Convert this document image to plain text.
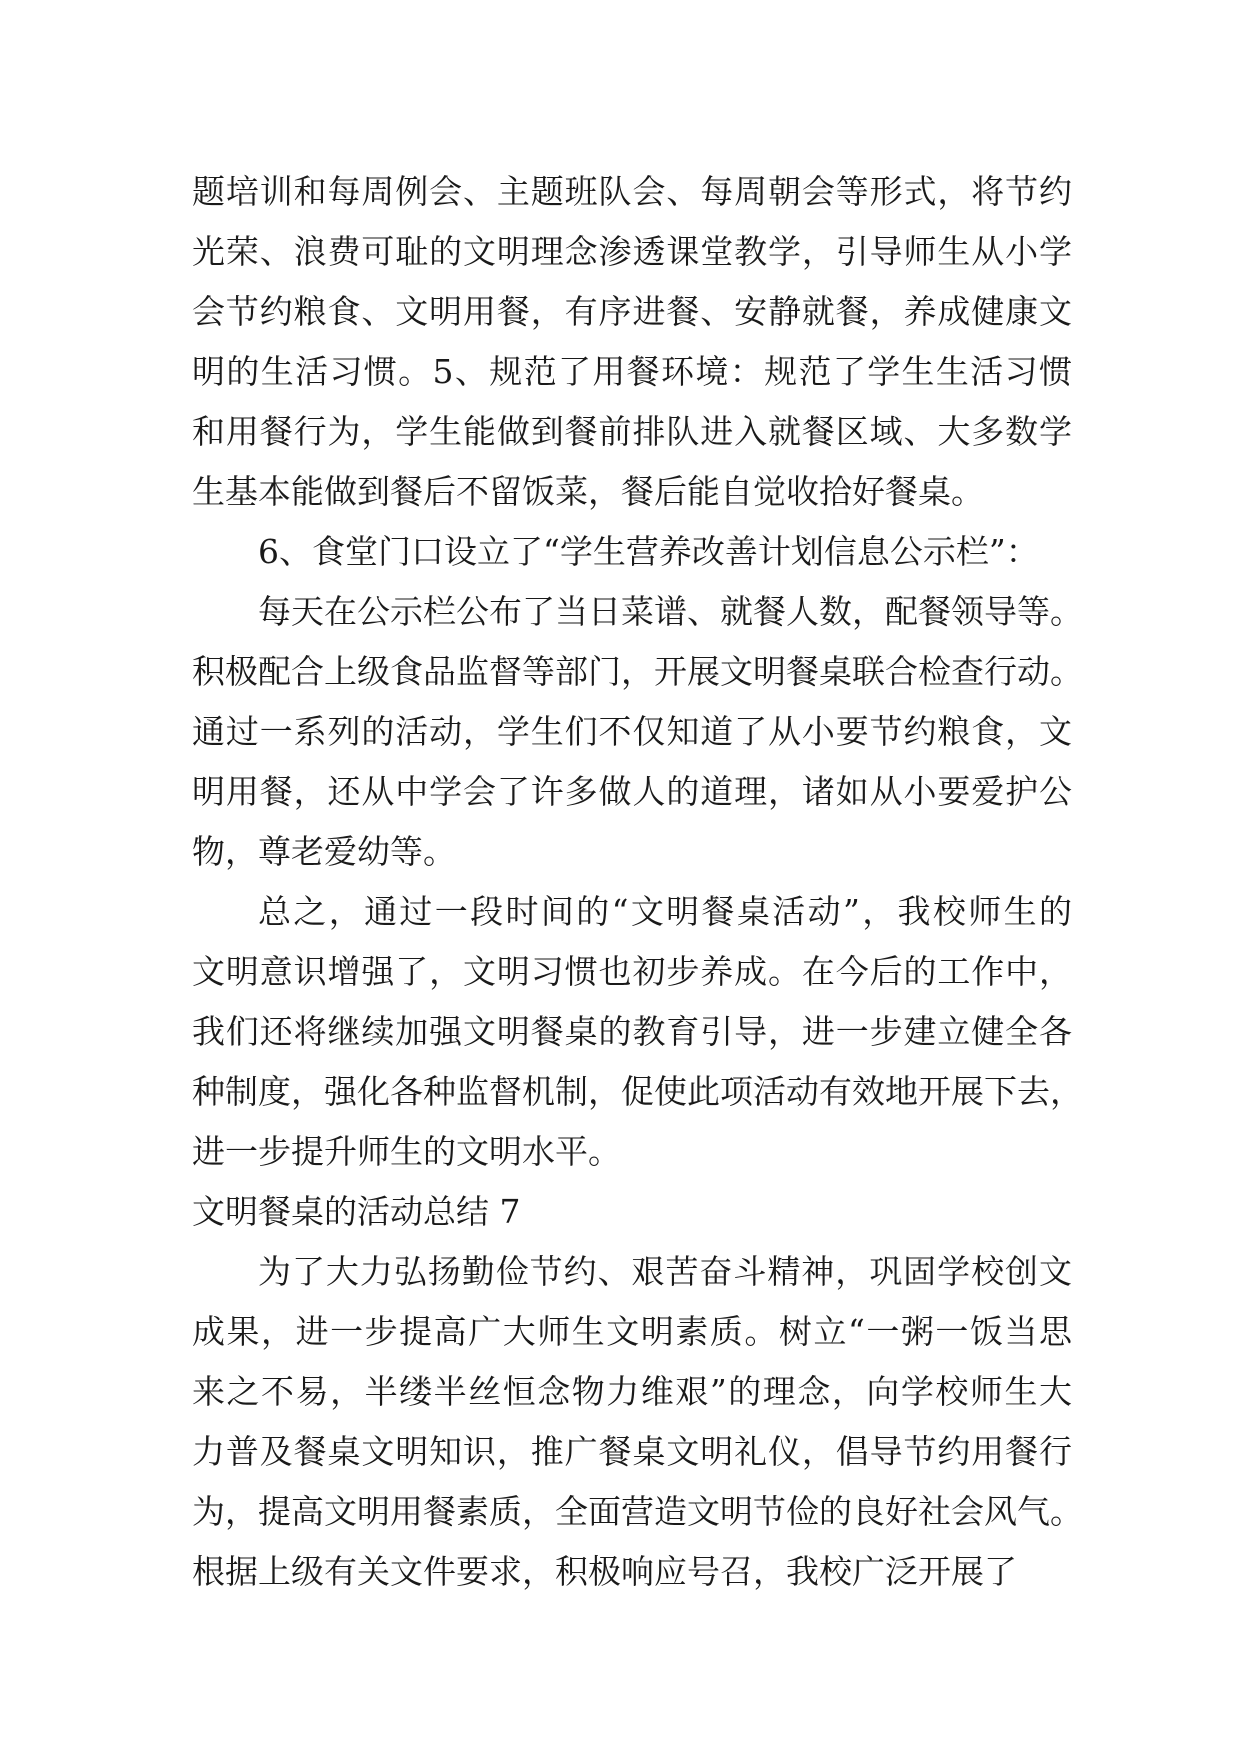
题培训和每周例会、主题班队会、每周朝会等形式，将节约
光荣、浪费可耻的文明理念渗透课堂教学，引导师生从小学
会节约粮食、文明用餐，有序进餐、安静就餐，养成健康文
明的生活习惯。5、规范了用餐环境：规范了学生生活习惯
和用餐行为，学生能做到餐前排队进入就餐区域、大多数学
生基本能做到餐后不留饭菜，餐后能自觉收拾好餐桌。
6、食堂门口设立了“学生营养改善计划信息公示栏”：
每天在公示栏公布了当日菜谱、就餐人数，配餐领导等。
积极配合上级食品监督等部门，开展文明餐桌联合检查行动。
通过一系列的活动，学生们不仅知道了从小要节约粮食，文
明用餐，还从中学会了许多做人的道理，诸如从小要爱护公
物，尊老爱幼等。
总之，通过一段时间的“文明餐桌活动”，我校师生的
文明意识增强了，文明习惯也初步养成。在今后的工作中，
我们还将继续加强文明餐桌的教育引导，进一步建立健全各
种制度，强化各种监督机制，促使此项活动有效地开展下去，
进一步提升师生的文明水平。
文明餐桌的活动总结 7
为了大力弘扬勤俭节约、艰苦奋斗精神，巩固学校创文
成果，进一步提高广大师生文明素质。树立“一粥一饭当思
来之不易，半缕半丝恒念物力维艰”的理念，向学校师生大
力普及餐桌文明知识，推广餐桌文明礼仪，倡导节约用餐行
为，提高文明用餐素质，全面营造文明节俭的良好社会风气。
根据上级有关文件要求，积极响应号召，我校广泛开展了
